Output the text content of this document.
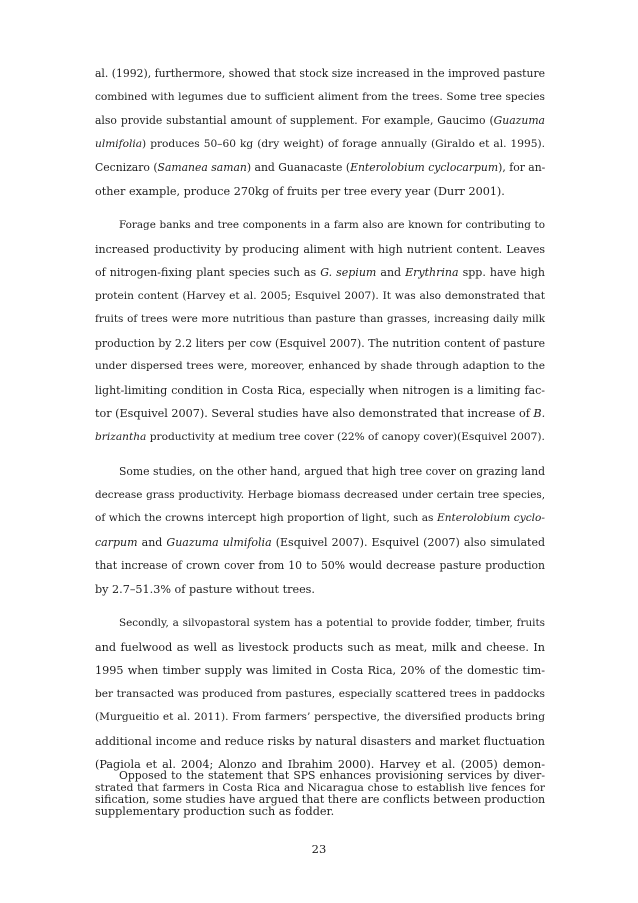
al. (1992), furthermore, showed that stock size increased in the improved pasture
combined with legumes due to sufficient aliment from the trees. Some tree species
also provide substantial amount of supplement. For example, Gaucimo (Guazuma
ulmifolia) produces 50–60 kg (dry weight) of forage annually (Giraldo et al. 1995).
Cecnizaro (Samanea saman) and Guanacaste (Enterolobium cyclocarpum), for an-
other example, produce 270kg of fruits per tree every year (Durr 2001).
Forage banks and tree components in a farm also are known for contributing to
increased productivity by producing aliment with high nutrient content. Leaves
of nitrogen-fixing plant species such as G. sepium and Erythrina spp. have high
protein content (Harvey et al. 2005; Esquivel 2007). It was also demonstrated that
fruits of trees were more nutritious than pasture than grasses, increasing daily milk
production by 2.2 liters per cow (Esquivel 2007). The nutrition content of pasture
under dispersed trees were, moreover, enhanced by shade through adaption to the
light-limiting condition in Costa Rica, especially when nitrogen is a limiting fac-
tor (Esquivel 2007). Several studies have also demonstrated that increase of B.
brizantha productivity at medium tree cover (22% of canopy cover)(Esquivel 2007).
Some studies, on the other hand, argued that high tree cover on grazing land
decrease grass productivity. Herbage biomass decreased under certain tree species,
of which the crowns intercept high proportion of light, such as Enterolobium cyclo-
carpum and Guazuma ulmifolia (Esquivel 2007). Esquivel (2007) also simulated
that increase of crown cover from 10 to 50% would decrease pasture production
by 2.7–51.3% of pasture without trees.
Secondly, a silvopastoral system has a potential to provide fodder, timber, fruits
and fuelwood as well as livestock products such as meat, milk and cheese. In
1995 when timber supply was limited in Costa Rica, 20% of the domestic tim-
ber transacted was produced from pastures, especially scattered trees in paddocks
(Murgueitio et al. 2011). From farmers’ perspective, the diversified products bring
additional income and reduce risks by natural disasters and market fluctuation
(Pagiola et al. 2004; Alonzo and Ibrahim 2000). Harvey et al. (2005) demon-
strated that farmers in Costa Rica and Nicaragua chose to establish live fences for
supplementary production such as fodder.
Opposed to the statement that SPS enhances provisioning services by diver-
sification, some studies have argued that there are conflicts between production
23
